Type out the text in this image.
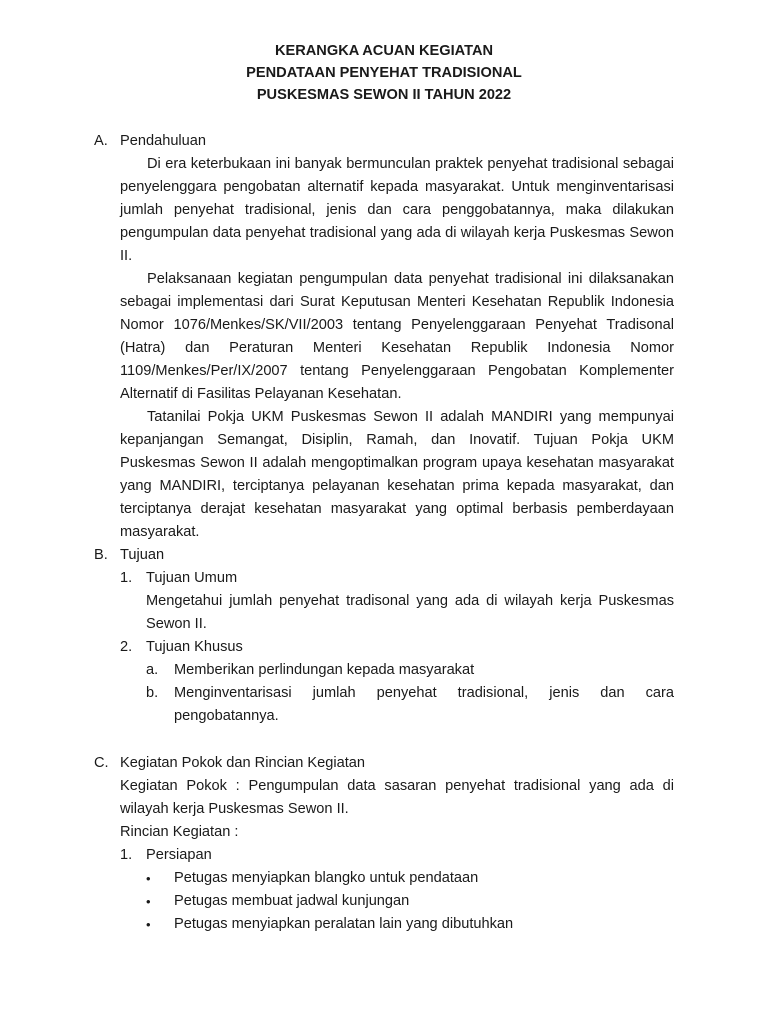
KERANGKA ACUAN KEGIATAN
PENDATAAN PENYEHAT TRADISIONAL
PUSKESMAS SEWON II TAHUN 2022
A. Pendahuluan

Di era keterbukaan ini banyak bermunculan praktek penyehat tradisional sebagai penyelenggara pengobatan alternatif kepada masyarakat. Untuk menginventarisasi jumlah penyehat tradisional, jenis dan cara penggobatannya, maka dilakukan pengumpulan data penyehat tradisional yang ada di wilayah kerja Puskesmas Sewon II.

Pelaksanaan kegiatan pengumpulan data penyehat tradisional ini dilaksanakan sebagai implementasi dari Surat Keputusan Menteri Kesehatan Republik Indonesia Nomor 1076/Menkes/SK/VII/2003 tentang Penyelenggaraan Penyehat Tradisonal (Hatra) dan Peraturan Menteri Kesehatan Republik Indonesia Nomor 1109/Menkes/Per/IX/2007 tentang Penyelenggaraan Pengobatan Komplementer Alternatif di Fasilitas Pelayanan Kesehatan.

Tatanilai Pokja UKM Puskesmas Sewon II adalah MANDIRI yang mempunyai kepanjangan Semangat, Disiplin, Ramah, dan Inovatif. Tujuan Pokja UKM Puskesmas Sewon II adalah mengoptimalkan program upaya kesehatan masyarakat yang MANDIRI, terciptanya pelayanan kesehatan prima kepada masyarakat, dan terciptanya derajat kesehatan masyarakat yang optimal berbasis pemberdayaan masyarakat.

B. Tujuan
1. Tujuan Umum

Mengetahui jumlah penyehat tradisonal yang ada di wilayah kerja Puskesmas Sewon II.

2. Tujuan Khusus
a.	Memberikan perlindungan kepada masyarakat
b.	Menginventarisasi jumlah penyehat tradisional, jenis dan cara pengobatannya.
C. Kegiatan Pokok dan Rincian Kegiatan

Kegiatan Pokok : Pengumpulan data sasaran penyehat tradisional yang ada di wilayah kerja Puskesmas Sewon II.

Rincian Kegiatan :
1. Persiapan
•	Petugas menyiapkan blangko untuk pendataan
•	Petugas membuat jadwal kunjungan
•	Petugas menyiapkan peralatan lain yang dibutuhkan
